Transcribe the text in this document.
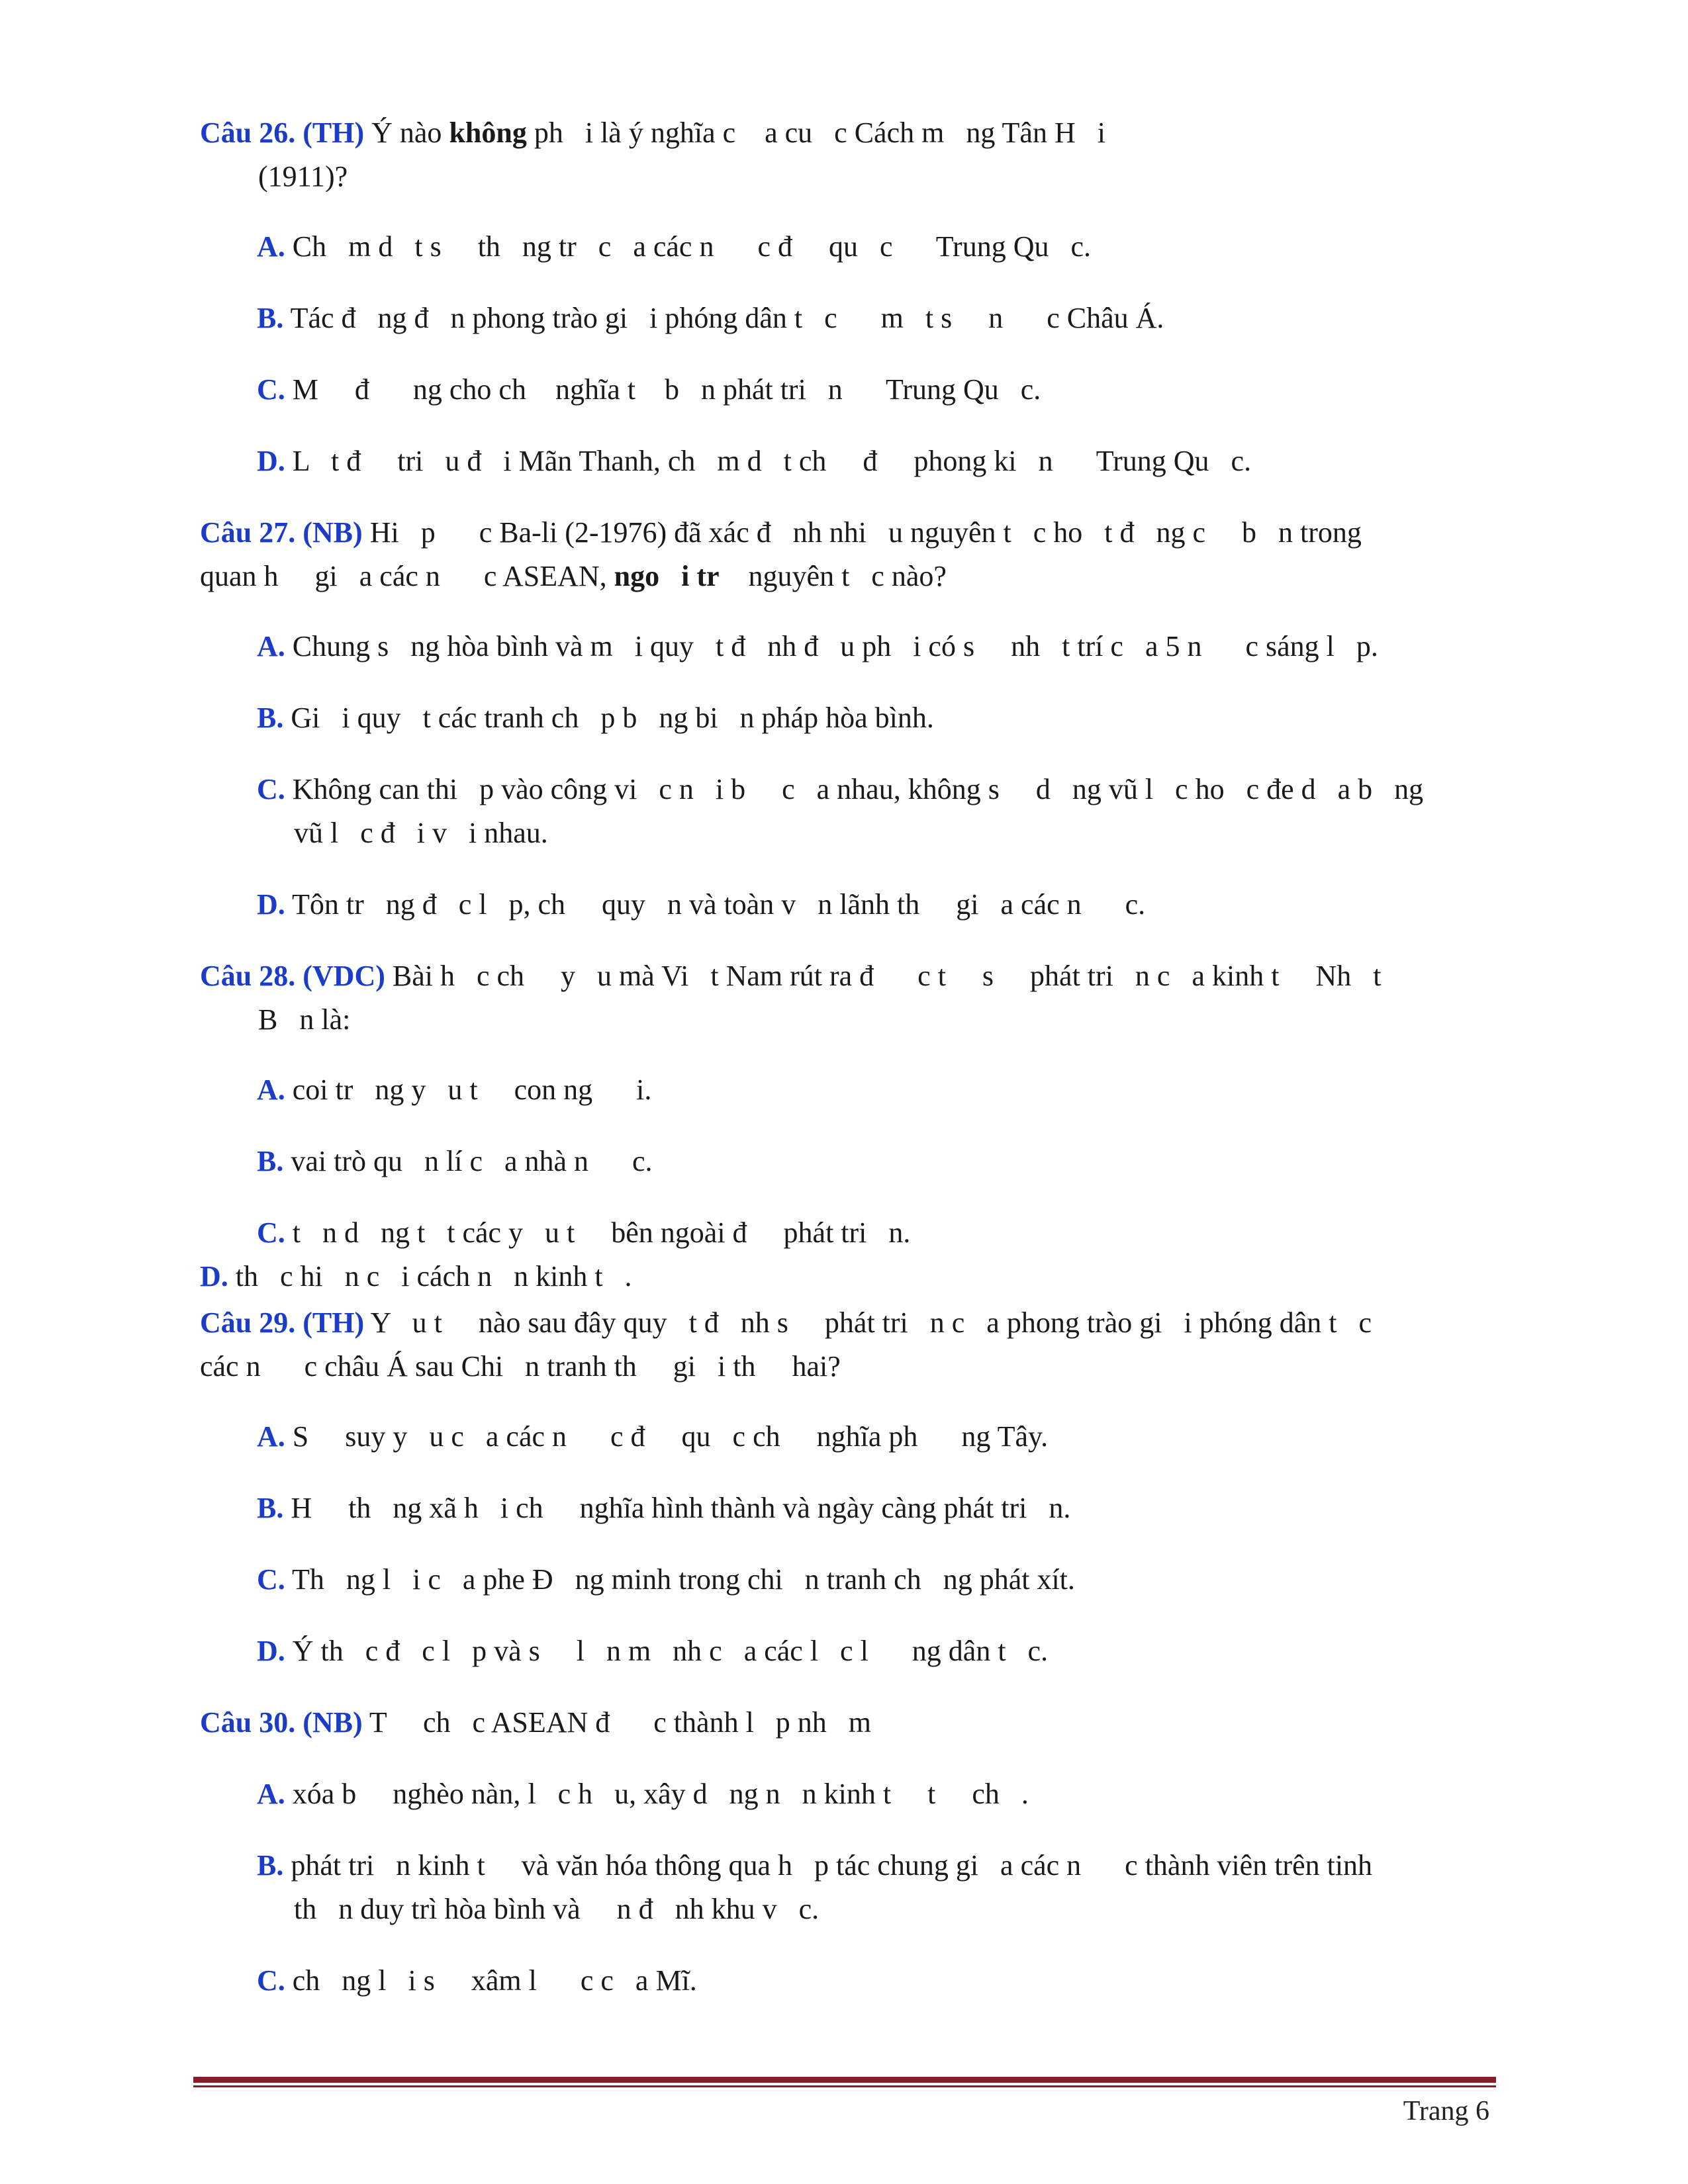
Câu 26. (TH) Ý nào không ph   i là ý nghĩa c    a cu   c Cách m   ng Tân H   i
(1911)?
A. Ch   m d   t s     th   ng tr   c   a các n      c đ     qu   c      Trung Qu   c.
B. Tác đ   ng đ   n phong trào gi   i phóng dân t   c      m   t s     n      c Châu Á.
C. M     đ      ng cho ch    nghĩa t    b   n phát tri   n      Trung Qu   c.
D. L   t đ     tri   u đ   i Mãn Thanh, ch   m d   t ch     đ     phong ki   n      Trung Qu   c.
Câu 27. (NB) Hi   p      c Ba-li (2-1976) đã xác đ   nh nhi   u nguyên t   c ho   t đ   ng c     b   n trong
quan h     gi   a các n      c ASEAN, ngo   i tr    nguyên t   c nào?
A. Chung s   ng hòa bình và m   i quy   t đ   nh đ   u ph   i có s     nh   t trí c   a 5 n      c sáng l   p.
B. Gi   i quy   t các tranh ch   p b   ng bi   n pháp hòa bình.
C. Không can thi   p vào công vi   c n   i b     c   a nhau, không s     d   ng vũ l   c ho   c đe d   a b   ng
vũ l   c đ   i v   i nhau.
D. Tôn tr   ng đ   c l   p, ch     quy   n và toàn v   n lãnh th     gi   a các n      c.
Câu 28. (VDC) Bài h   c ch     y   u mà Vi   t Nam rút ra đ      c t     s     phát tri   n c   a kinh t     Nh   t
B   n là:
A. coi tr   ng y   u t     con ng      i.
B. vai trò qu   n lí c   a nhà n      c.
C. t   n d   ng t   t các y   u t     bên ngoài đ     phát tri   n.
D. th   c hi   n c   i cách n   n kinh t   .
Câu 29. (TH) Y   u t     nào sau đây quy   t đ   nh s     phát tri   n c   a phong trào gi   i phóng dân t   c
các n      c châu Á sau Chi   n tranh th     gi   i th     hai?
A. S     suy y   u c   a các n      c đ     qu   c ch     nghĩa ph      ng Tây.
B. H     th   ng xã h   i ch     nghĩa hình thành và ngày càng phát tri   n.
C. Th   ng l   i c   a phe Đ   ng minh trong chi   n tranh ch   ng phát xít.
D. Ý th   c đ   c l   p và s     l   n m   nh c   a các l   c l      ng dân t   c.
Câu 30. (NB) T     ch   c ASEAN đ      c thành l   p nh   m
A. xóa b     nghèo nàn, l   c h   u, xây d   ng n   n kinh t     t     ch   .
B. phát tri   n kinh t     và văn hóa thông qua h   p tác chung gi   a các n      c thành viên trên tinh
th   n duy trì hòa bình và     n đ   nh khu v   c.
C. ch   ng l   i s     xâm l      c c   a Mĩ.
Trang 6
